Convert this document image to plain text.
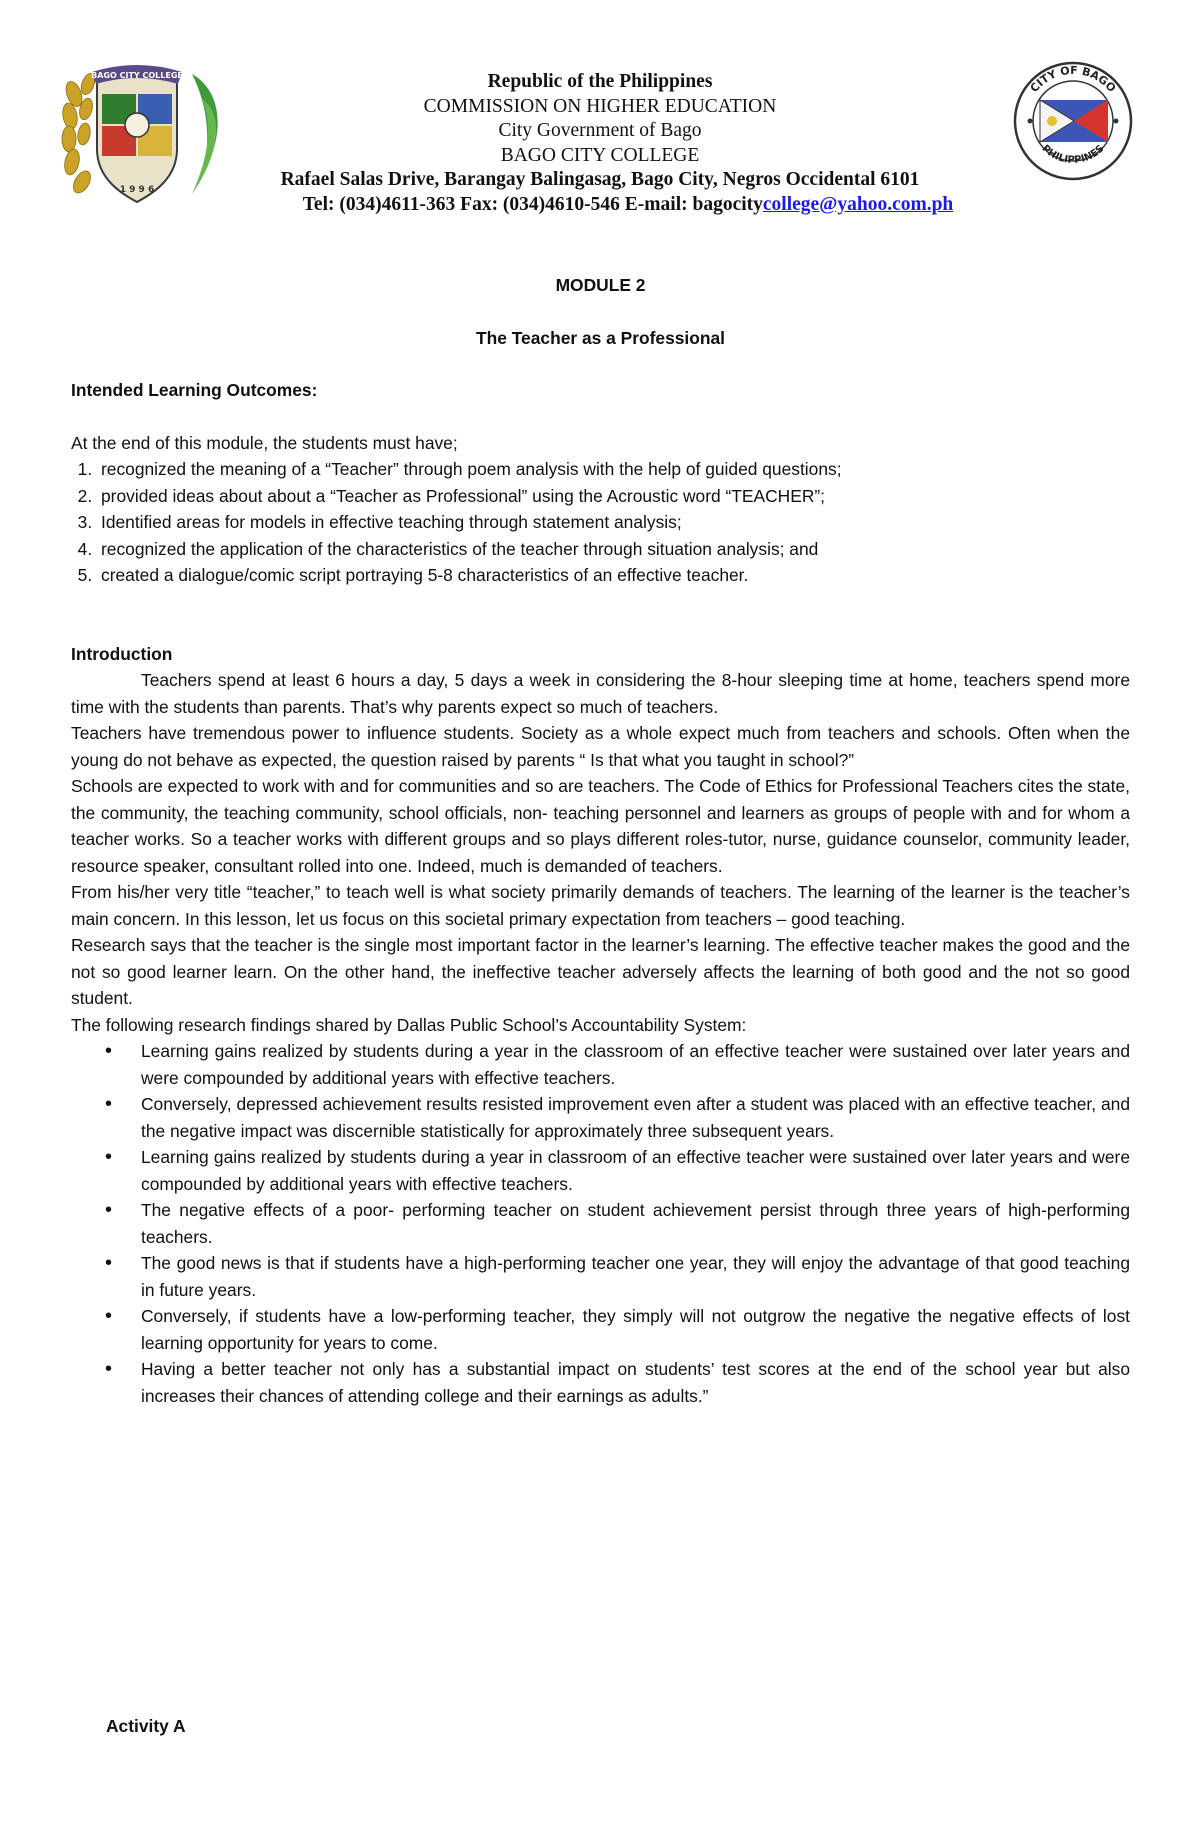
BAGO CITY COLLEGE
1 9 9 6
Republic of the Philippines
COMMISSION ON HIGHER EDUCATION
City Government of Bago
BAGO CITY COLLEGE
Rafael Salas Drive, Barangay Balingasag, Bago City, Negros Occidental 6101
Tel: (034)4611-363 Fax: (034)4610-546 E-mail: bagocitycollege@yahoo.com.ph
CITY OF BAGO
PHILIPPINES
MODULE 2
The Teacher as a Professional
Intended Learning Outcomes:

At the end of this module, the students must have;

1. recognized the meaning of a “Teacher” through poem analysis with the help of guided questions;
2. provided ideas about about a “Teacher as Professional” using the Acroustic word “TEACHER”;
3. Identified areas for models in effective teaching through statement analysis;
4. recognized the application of the characteristics of the teacher through situation analysis; and
5. created a dialogue/comic script portraying 5-8 characteristics of an effective teacher.
Introduction

Teachers spend at least 6 hours a day, 5 days a week in considering the 8-hour sleeping time at home, teachers spend more time with the students than parents. That’s why parents expect so much of teachers.

Teachers have tremendous power to influence students. Society as a whole expect much from teachers and schools. Often when the young do not behave as expected, the question raised by parents “ Is that what you taught in school?”

Schools are expected to work with and for communities and so are teachers. The Code of Ethics for Professional Teachers cites the state, the community, the teaching community, school officials, non- teaching personnel and learners as groups of people with and for whom a teacher works. So a teacher works with different groups and so plays different roles-tutor, nurse, guidance counselor, community leader, resource speaker, consultant rolled into one. Indeed, much is demanded of teachers.

From his/her very title “teacher,” to teach well is what society primarily demands of teachers. The learning of the learner is the teacher’s main concern. In this lesson, let us focus on this societal primary expectation from teachers – good teaching.

Research says that the teacher is the single most important factor in the learner’s learning. The effective teacher makes the good and the not so good learner learn. On the other hand, the ineffective teacher adversely affects the learning of both good and the not so good student.

The following research findings shared by Dallas Public School’s Accountability System:

• Learning gains realized by students during a year in the classroom of an effective teacher were sustained over later years and were compounded by additional years with effective teachers.
• Conversely, depressed achievement results resisted improvement even after a student was placed with an effective teacher, and the negative impact was discernible statistically for approximately three subsequent years.
• Learning gains realized by students during a year in classroom of an effective teacher were sustained over later years and were compounded by additional years with effective teachers.
• The negative effects of a poor- performing teacher on student achievement persist through three years of high-performing teachers.
• The good news is that if students have a high-performing teacher one year, they will enjoy the advantage of that good teaching in future years.
• Conversely, if students have a low-performing teacher, they simply will not outgrow the negative the negative effects of lost learning opportunity for years to come.
• Having a better teacher not only has a substantial impact on students’ test scores at the end of the school year but also increases their chances of attending college and their earnings as adults.”
Activity A
